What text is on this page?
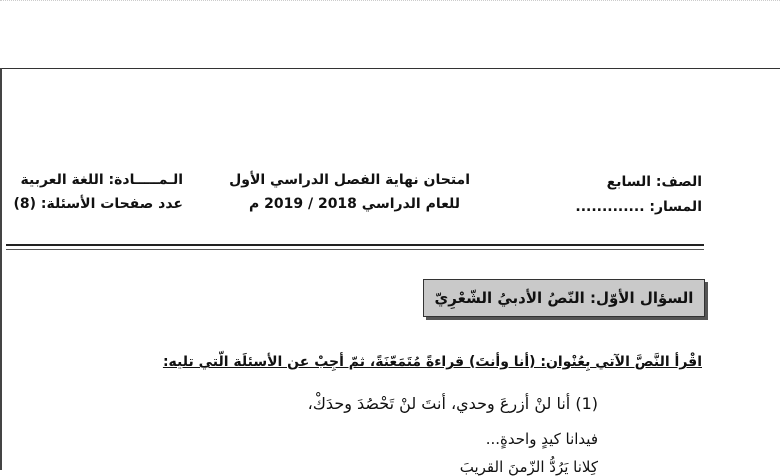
الصف: السابع
المسار: .............
امتحان نهاية الفصل الدراسي الأول
للعام الدراسي 2018 / 2019 م
الـمـــــادة: اللغة العربية
عدد صفحات الأسئلة: (8)
السؤال الأوّل: النّصُ الأدبيُ الشّعْرِيّ
اقْرأ النَّصَّ الآتي بِعُنْوان: (أنا وأنتَ) قراءةً مُتَمَعّنَةً، ثمّ أجِبْ عن الأسئلَة الّتي تليه:
(1) أنا لنْ أزرعَ وحدي، أنتَ لنْ تَحْصُدَ وحدَكْ،
فيدانا كيدٍ واحدةٍ...
كِلانا يَرُدُّ الزّمنَ القريبَ
